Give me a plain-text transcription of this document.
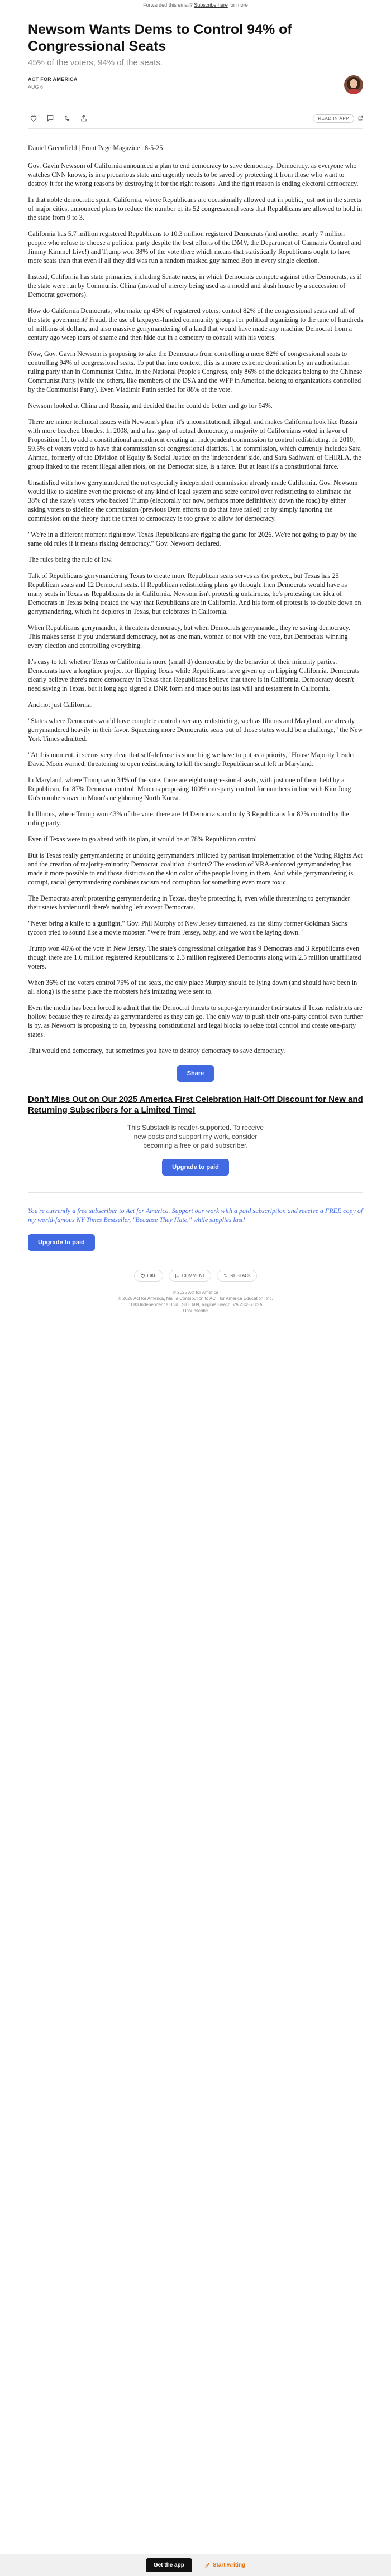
Forwarded this email? Subscribe here for more
Newsom Wants Dems to Control 94% of Congressional Seats
45% of the voters, 94% of the seats.
ACT FOR AMERICA
AUG 6
READ IN APP

Daniel Greenfield | Front Page Magazine | 8-5-25

Gov. Gavin Newsom of California announced a plan to end democracy to save democracy. Democracy, as everyone who watches CNN knows, is in a precarious state and urgently needs to be saved by protecting it from those who want to destroy it for the wrong reasons by destroying it for the right reasons. And the right reason is ending electoral democracy.

In that noble democratic spirit, California, where Republicans are occasionally allowed out in public, just not in the streets of major cities, announced plans to reduce the number of its 52 congressional seats that Republicans are allowed to hold in the state from 9 to 3.

California has 5.7 million registered Republicans to 10.3 million registered Democrats (and another nearly 7 million people who refuse to choose a political party despite the best efforts of the DMV, the Department of Cannabis Control and Jimmy Kimmel Live!) and Trump won 38% of the vote there which means that statistically Republicans ought to have more seats than that even if all they did was run a random masked guy named Bob in every single election.

Instead, California has state primaries, including Senate races, in which Democrats compete against other Democrats, as if the state were run by Communist China (instead of merely being used as a model and slush house by a succession of Democrat governors).

How do California Democrats, who make up 45% of registered voters, control 82% of the congressional seats and all of the state government? Fraud, the use of taxpayer-funded community groups for political organizing to the tune of hundreds of millions of dollars, and also massive gerrymandering of a kind that would have made any machine Democrat from a century ago weep tears of shame and then hide out in a cemetery to consult with his voters.

Now, Gov. Gavin Newsom is proposing to take the Democrats from controlling a mere 82% of congressional seats to controlling 94% of congressional seats. To put that into context, this is a more extreme domination by an authoritarian ruling party than in Communist China. In the National People's Congress, only 86% of the delegates belong to the Chinese Communist Party (while the others, like members of the DSA and the WFP in America, belong to organizations controlled by the Communist Party). Even Vladimir Putin settled for 88% of the vote.

Newsom looked at China and Russia, and decided that he could do better and go for 94%.

There are minor technical issues with Newsom's plan: it's unconstitutional, illegal, and makes California look like Russia with more beached blondes. In 2008, and a last gasp of actual democracy, a majority of Californians voted in favor of Proposition 11, to add a constitutional amendment creating an independent commission to control redistricting. In 2010, 59.5% of voters voted to have that commission set congressional districts. The commission, which currently includes Sara Ahmad, formerly of the Division of Equity & Social Justice on the 'independent' side, and Sara Sadhwani of CHIRLA, the group linked to the recent illegal alien riots, on the Democrat side, is a farce. But at least it's a constitutional farce.

Unsatisfied with how gerrymandered the not especially independent commission already made California, Gov. Newsom would like to sideline even the pretense of any kind of legal system and seize control over redistricting to eliminate the 38% of the state's voters who backed Trump (electorally for now, perhaps more definitively down the road) by either asking voters to sideline the commission (previous Dem efforts to do that have failed) or by simply ignoring the commission on the theory that the threat to democracy is too grave to allow for democracy.

"We're in a different moment right now. Texas Republicans are rigging the game for 2026. We're not going to play by the same old rules if it means risking democracy," Gov. Newsom declared.

The rules being the rule of law.

Talk of Republicans gerrymandering Texas to create more Republican seats serves as the pretext, but Texas has 25 Republican seats and 12 Democrat seats. If Republican redistricting plans go through, then Democrats would have as many seats in Texas as Republicans do in California. Newsom isn't protesting unfairness, he's protesting the idea of Democrats in Texas being treated the way that Republicans are in California. And his form of protest is to double down on gerrymandering, which he deplores in Texas, but celebrates in California.

When Republicans gerrymander, it threatens democracy, but when Democrats gerrymander, they're saving democracy. This makes sense if you understand democracy, not as one man, woman or not with one vote, but Democrats winning every election and controlling everything.

It's easy to tell whether Texas or California is more (small d) democratic by the behavior of their minority parties. Democrats have a longtime project for flipping Texas while Republicans have given up on flipping California. Democrats clearly believe there's more democracy in Texas than Republicans believe that there is in California. Democracy doesn't need saving in Texas, but it long ago signed a DNR form and made out its last will and testament in California.

And not just California.

"States where Democrats would have complete control over any redistricting, such as Illinois and Maryland, are already gerrymandered heavily in their favor. Squeezing more Democratic seats out of those states would be a challenge," the New York Times admitted.

"At this moment, it seems very clear that self-defense is something we have to put as a priority," House Majority Leader David Moon warned, threatening to open redistricting to kill the single Republican seat left in Maryland.

In Maryland, where Trump won 34% of the vote, there are eight congressional seats, with just one of them held by a Republican, for 87% Democrat control. Moon is proposing 100% one-party control for numbers in line with Kim Jong Un's numbers over in Moon's neighboring North Korea.

In Illinois, where Trump won 43% of the vote, there are 14 Democrats and only 3 Republicans for 82% control by the ruling party.

Even if Texas were to go ahead with its plan, it would be at 78% Republican control.

But is Texas really gerrymandering or undoing gerrymanders inflicted by partisan implementation of the Voting Rights Act and the creation of majority-minority Democrat 'coalition' districts? The erosion of VRA-enforced gerrymandering has made it more possible to end those districts on the skin color of the people living in them. And while gerrymandering is corrupt, racial gerrymandering combines racism and corruption for something even more toxic.

The Democrats aren't protesting gerrymandering in Texas, they're protecting it, even while threatening to gerrymander their states harder until there's nothing left except Democrats.

"Never bring a knife to a gunfight," Gov. Phil Murphy of New Jersey threatened, as the slimy former Goldman Sachs tycoon tried to sound like a movie mobster. "We're from Jersey, baby, and we won't be laying down."

Trump won 46% of the vote in New Jersey. The state's congressional delegation has 9 Democrats and 3 Republicans even though there are 1.6 million registered Republicans to 2.3 million registered Democrats along with 2.5 million unaffiliated voters.

When 36% of the voters control 75% of the seats, the only place Murphy should be lying down (and should have been in all along) is the same place the mobsters he's imitating were sent to.

Even the media has been forced to admit that the Democrat threats to super-gerrymander their states if Texas redistricts are hollow because they're already as gerrymandered as they can go. The only way to push their one-party control even further is by, as Newsom is proposing to do, bypassing constitutional and legal blocks to seize total control and create one-party states.

That would end democracy, but sometimes you have to destroy democracy to save democracy.

Share
Don't Miss Out on Our 2025 America First Celebration Half-Off Discount for New and Returning Subscribers for a Limited Time!
This Substack is reader-supported. To receive new posts and support my work, consider becoming a free or paid subscriber.
Upgrade to paid
You're currently a free subscriber to Act for America. Support our work with a paid subscription and receive a FREE copy of my world-famous NY Times Bestseller, "Because They Hate," while supplies last!
Upgrade to paid
LIKE	COMMENT	RESTACK
© 2025 Act for America
© 2025 Act for America, Mail a Contribution to ACT for America Education, Inc.
1083 Independence Blvd., STE 609, Virginia Beach, VA 23455 USA
Unsubscribe
Get the app	Start writing
